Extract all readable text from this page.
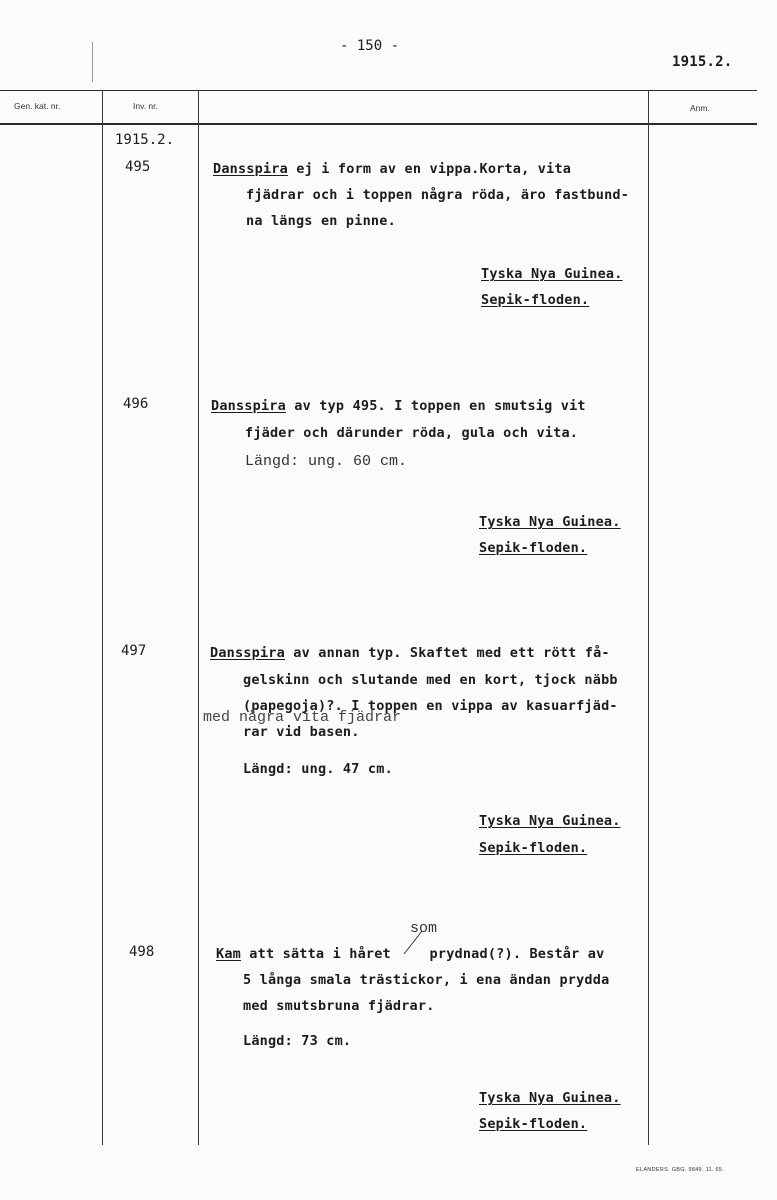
- 150 -
1915.2.
Gen. kat. nr.	Inv. nr.	Anm.
1915.2.
495	Dansspira ej i form av en vippa.Korta, vita
fjädrar och i toppen några röda, äro fastbund-
na längs en pinne.
Tyska Nya Guinea.
Sepik-floden.
496	Dansspira av typ 495. I toppen en smutsig vit
fjäder och därunder röda, gula och vita.
Längd: ung. 60 cm.
Tyska Nya Guinea.
Sepik-floden.
497	Dansspira av annan typ. Skaftet med ett rött få-
gelskinn och slutande med en kort, tjock näbb
(papegoja)?. I toppen en vippa av kasuarfjäd-
med några vita fjädrar
rar vid basen.
Längd: ung. 47 cm.
Tyska Nya Guinea.
Sepik-floden.
som
498	Kam att sätta i håret  prydnad(?). Består av
5 långa smala trästickor, i ena ändan prydda
med smutsbruna fjädrar.
Längd: 73 cm.
Tyska Nya Guinea.
Sepik-floden.
ELANDERS. GBG. 9849. 11. 65.
